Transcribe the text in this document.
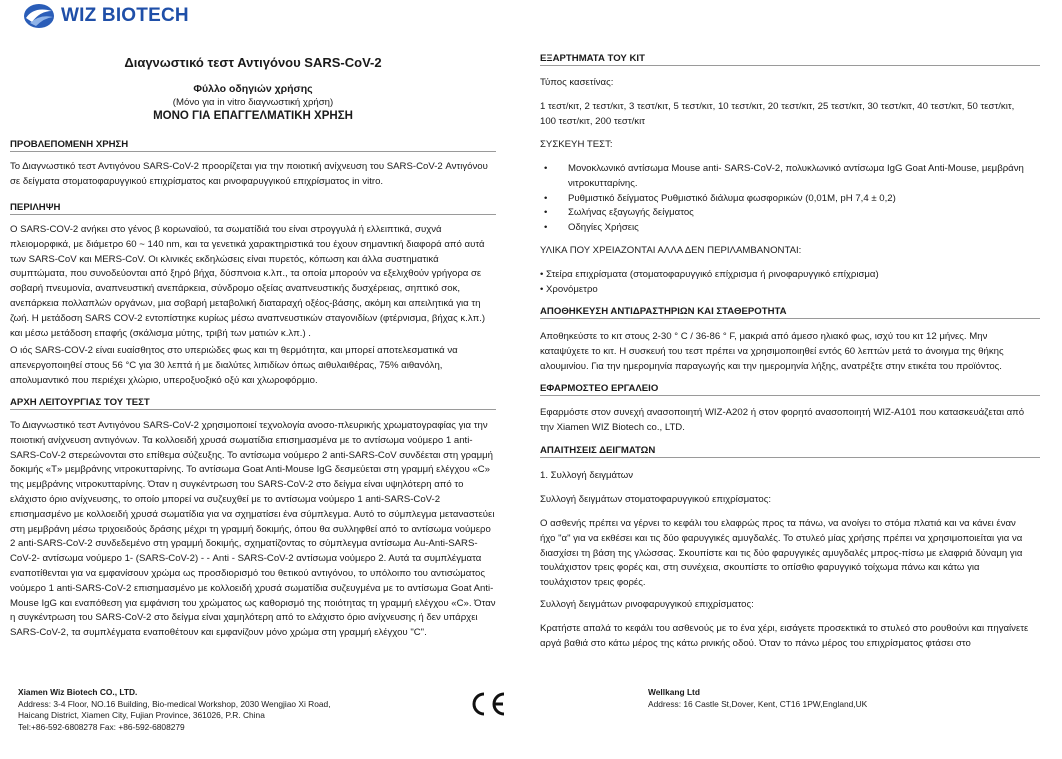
WIZ BIOTECH
Διαγνωστικό τεστ Αντιγόνου SARS-CoV-2
Φύλλο οδηγιών χρήσης
(Μόνο για in vitro διαγνωστική χρήση)
ΜΟΝΟ ΓΙΑ ΕΠΑΓΓΕΛΜΑΤΙΚΗ ΧΡΗΣΗ
ΠΡΟΒΛΕΠΟΜΕΝΗ ΧΡΗΣΗ

Το Διαγνωστικό τεστ Αντιγόνου SARS-CoV-2 προορίζεται για την ποιοτική ανίχνευση του SARS-CoV-2 Αντιγόνου σε δείγματα στοματοφαρυγγικού επιχρίσματος και ρινοφαρυγγικού επιχρίσματος in vitro.

ΠΕΡΙΛΗΨΗ

Ο SARS-COV-2 ανήκει στο γένος β κορωναϊού, τα σωματίδιά του είναι στρογγυλά ή ελλειπτικά, συχνά πλειομορφικά, με διάμετρο 60 ~ 140 nm, και τα γενετικά χαρακτηριστικά του έχουν σημαντική διαφορά από αυτά των SARS-CoV και MERS-CoV. Οι κλινικές εκδηλώσεις είναι πυρετός, κόπωση και άλλα συστηματικά συμπτώματα, που συνοδεύονται από ξηρό βήχα, δύσπνοια κ.λπ., τα οποία μπορούν να εξελιχθούν γρήγορα σε σοβαρή πνευμονία, αναπνευστική ανεπάρκεια, σύνδρομο οξείας αναπνευστικής δυσχέρειας, σηπτικό σοκ, ανεπάρκεια πολλαπλών οργάνων, μια σοβαρή μεταβολική διαταραχή οξέος-βάσης, ακόμη και απειλητικά για τη ζωή. Η μετάδοση SARS COV-2 εντοπίστηκε κυρίως μέσω αναπνευστικών σταγονιδίων (φτέρνισμα, βήχας κ.λπ.) και μέσω μετάδοση επαφής (σκάλισμα μύτης, τριβή των ματιών κ.λπ.) .

Ο ιός SARS-COV-2 είναι ευαίσθητος στο υπεριώδες φως και τη θερμότητα, και μπορεί αποτελεσματικά να απενεργοποιηθεί στους 56 °C για 30 λεπτά ή με διαλύτες λιπιδίων όπως αιθυλαιθέρας, 75% αιθανόλη, απολυμαντικό που περιέχει χλώριο, υπεροξυοξικό οξύ και χλωροφόρμιο.

ΑΡΧΗ ΛΕΙΤΟΥΡΓΙΑΣ ΤΟΥ ΤΕΣΤ

Το Διαγνωστικό τεστ Αντιγόνου SARS-CoV-2 χρησιμοποιεί τεχνολογία ανοσο-πλευρικής χρωματογραφίας για την ποιοτική ανίχνευση αντιγόνων. Τα κολλοειδή χρυσά σωματίδια επισημασμένα με το αντίσωμα νούμερο 1 anti-SARS-CoV-2 στερεώνονται στο επίθεμα σύζευξης. Το αντίσωμα νούμερο 2 anti-SARS-CoV συνδέεται στη γραμμή δοκιμής «T» μεμβράνης νιτροκυτταρίνης. Το αντίσωμα Goat Anti-Mouse IgG δεσμεύεται στη γραμμή ελέγχου «C» της μεμβράνης νιτροκυτταρίνης. Όταν η συγκέντρωση του SARS-CoV-2 στο δείγμα είναι υψηλότερη από το ελάχιστο όριο ανίχνευσης, το οποίο μπορεί να συζευχθεί με το αντίσωμα νούμερο 1 anti-SARS-CoV-2 επισημασμένο με κολλοειδή χρυσά σωματίδια για να σχηματίσει ένα σύμπλεγμα. Αυτό το σύμπλεγμα μεταναστεύει στη μεμβράνη μέσω τριχοειδούς δράσης μέχρι τη γραμμή δοκιμής, όπου θα συλληφθεί από το αντίσωμα νούμερο 2 anti-SARS-CoV-2 συνδεδεμένο στη γραμμή δοκιμής, σχηματίζοντας το σύμπλεγμα αντίσωμα Au-Anti-SARS-CoV-2- αντίσωμα νούμερο 1- (SARS-CoV-2) - - Anti - SARS-CoV-2 αντίσωμα νούμερο 2. Αυτά τα συμπλέγματα εναποτίθενται για να εμφανίσουν χρώμα ως προσδιορισμό του θετικού αντιγόνου, το υπόλοιπο του αντισώματος νούμερο 1 anti-SARS-CoV-2 επισημασμένο με κολλοειδή χρυσά σωματίδια συζευγμένα με το αντίσωμα Goat Anti-Mouse IgG και εναπόθεση για εμφάνιση του χρώματος ως καθορισμό της ποιότητας τη γραμμή ελέγχου «C». Όταν η συγκέντρωση του SARS-CoV-2 στο δείγμα είναι χαμηλότερη από το ελάχιστο όριο ανίχνευσης ή δεν υπάρχει SARS-CoV-2, τα συμπλέγματα εναποθέτουν και εμφανίζουν μόνο χρώμα στη γραμμή ελέγχου "C".

ΕΞΑΡΤΗΜΑΤΑ ΤΟΥ ΚΙΤ

Τύπος κασετίνας:

1 τεστ/κιτ, 2 τεστ/κιτ, 3 τεστ/κιτ, 5 τεστ/κιτ, 10 τεστ/κιτ, 20 τεστ/κιτ, 25 τεστ/κιτ, 30 τεστ/κιτ, 40 τεστ/κιτ, 50 τεστ/κιτ, 100 τεστ/κιτ, 200 τεστ/κιτ

ΣΥΣΚΕΥΗ ΤΕΣΤ:

• Μονοκλωνικό αντίσωμα Mouse anti- SARS-CoV-2, πολυκλωνικό αντίσωμα IgG Goat Anti-Mouse, μεμβράνη νιτροκυτταρίνης.
• Ρυθμιστικό δείγματος Ρυθμιστικό διάλυμα φωσφορικών (0,01M, pH 7,4 ± 0,2)
• Σωλήνας εξαγωγής δείγματος
• Οδηγίες Χρήσεις

ΥΛΙΚΑ ΠΟΥ ΧΡΕΙΑΖΟΝΤΑΙ ΑΛΛΑ ΔΕΝ ΠΕΡΙΛΑΜΒΑΝΟΝΤΑΙ:

• Στείρα επιχρίσματα (στοματοφαρυγγικό επίχρισμα ή ρινοφαρυγγικό επίχρισμα)
• Χρονόμετρο
ΑΠΟΘΗΚΕΥΣΗ ΑΝΤΙΔΡΑΣΤΗΡΙΩΝ ΚΑΙ ΣΤΑΘΕΡΟΤΗΤΑ

Αποθηκεύστε το κιτ στους 2-30 ° C / 36-86 ° F, μακριά από άμεσο ηλιακό φως, ισχύ του κιτ 12 μήνες. Μην καταψύχετε το κιτ. Η συσκευή του τεστ πρέπει να χρησιμοποιηθεί εντός 60 λεπτών μετά το άνοιγμα της θήκης αλουμινίου. Για την ημερομηνία παραγωγής και την ημερομηνία λήξης, ανατρέξτε στην ετικέτα του προϊόντος.

ΕΦΑΡΜΟΣΤΕΟ ΕΡΓΑΛΕΙΟ

Εφαρμόστε στον συνεχή ανασοποιητή WIZ-A202 ή στον φορητό ανασοποιητή WIZ-A101 που κατασκευάζεται από την Xiamen WIZ Biotech co., LTD.

ΑΠΑΙΤΗΣΕΙΣ ΔΕΙΓΜΑΤΩΝ

1. Συλλογή δειγμάτων

Συλλογή δειγμάτων στοματοφαρυγγικού επιχρίσματος:

Ο ασθενής πρέπει να γέρνει το κεφάλι του ελαφρώς προς τα πάνω, να ανοίγει το στόμα πλατιά και να κάνει έναν ήχο "α" για να εκθέσει και τις δύο φαρυγγικές αμυγδαλές. Το στυλεό μίας χρήσης πρέπει να χρησιμοποιείται για να διασχίσει τη βάση της γλώσσας. Σκουπίστε και τις δύο φαρυγγικές αμυγδαλές μπρος-πίσω με ελαφριά δύναμη για τουλάχιστον τρεις φορές και, στη συνέχεια, σκουπίστε το οπίσθιο φαρυγγικό τοίχωμα πάνω και κάτω για τουλάχιστον τρεις φορές.

Συλλογή δειγμάτων ρινοφαρυγγικού επιχρίσματος:

Κρατήστε απαλά το κεφάλι του ασθενούς με το ένα χέρι, εισάγετε προσεκτικά το στυλεό στο ρουθούνι και πηγαίνετε αργά βαθιά στο κάτω μέρος της κάτω ρινικής οδού. Όταν το πάνω μέρος του επιχρίσματος φτάσει στο

Xiamen Wiz Biotech CO., LTD.
Address: 3-4 Floor, NO.16 Building, Bio-medical Workshop, 2030 Wengjiao Xi Road,
Haicang District, Xiamen City, Fujian Province, 361026, P.R. China
Tel:+86-592-6808278 Fax: +86-592-6808279
Wellkang Ltd
Address: 16 Castle St,Dover, Kent, CT16 1PW,England,UK
